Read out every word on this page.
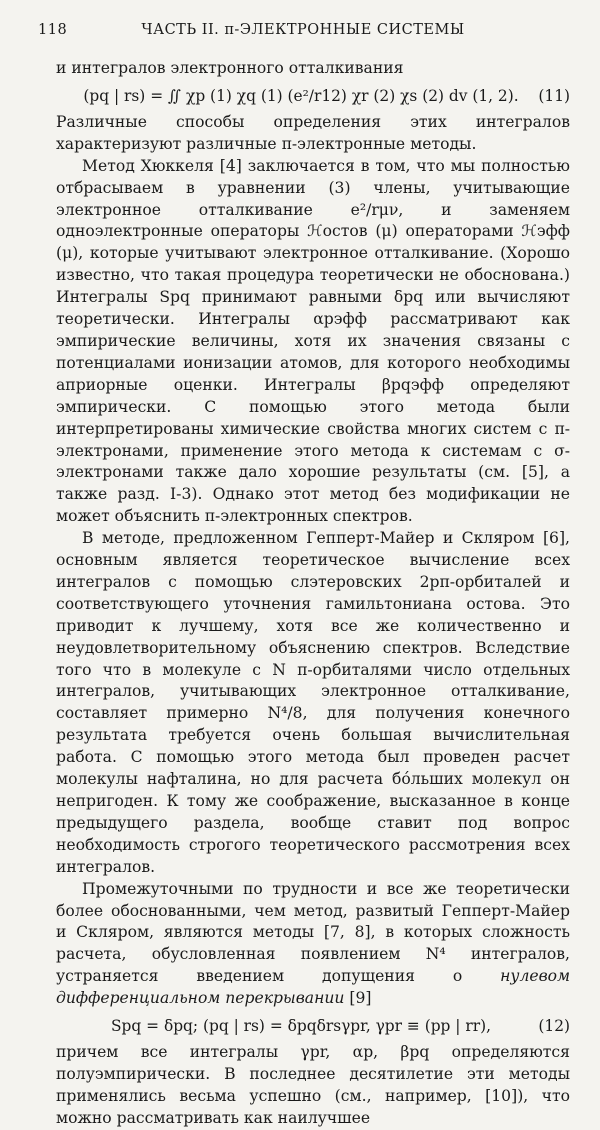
118	ЧАСТЬ II. π-ЭЛЕКТРОННЫЕ СИСТЕМЫ

и интегралов электронного отталкивания

(pq | rs) = ∬ χp (1) χq (1) (e²/r12) χr (2) χs (2) dv (1, 2). (11)

Различные способы определения этих интегралов характеризуют различные π-электронные методы.

Метод Хюккеля [4] заключается в том, что мы полностью отбрасываем в уравнении (3) члены, учитывающие электронное отталкивание e²/rμν, и заменяем одноэлектронные операторы ℋостов (μ) операторами ℋэфф (μ), которые учитывают электронное отталкивание. (Хорошо известно, что такая процедура теоретически не обоснована.) Интегралы Spq принимают равными δpq или вычисляют теоретически. Интегралы αpэфф рассматривают как эмпирические величины, хотя их значения связаны с потенциалами ионизации атомов, для которого необходимы априорные оценки. Интегралы βpqэфф определяют эмпирически. С помощью этого метода были интерпретированы химические свойства многих систем с π-электронами, применение этого метода к системам с σ-электронами также дало хорошие результаты (см. [5], а также разд. I-3). Однако этот метод без модификации не может объяснить π-электронных спектров.

В методе, предложенном Гепперт-Майер и Скляром [6], основным является теоретическое вычисление всех интегралов с помощью слэтеровских 2pπ-орбиталей и соответствующего уточнения гамильтониана остова. Это приводит к лучшему, хотя все же количественно и неудовлетворительному объяснению спектров. Вследствие того что в молекуле с N π-орбиталями число отдельных интегралов, учитывающих электронное отталкивание, составляет примерно N⁴/8, для получения конечного результата требуется очень большая вычислительная работа. С помощью этого метода был проведен расчет молекулы нафталина, но для расчета бóльших молекул он непригоден. К тому же соображение, высказанное в конце предыдущего раздела, вообще ставит под вопрос необходимость строгого теоретического рассмотрения всех интегралов.

Промежуточными по трудности и все же теоретически более обоснованными, чем метод, развитый Гепперт-Майер и Скляром, являются методы [7, 8], в которых сложность расчета, обусловленная появлением N⁴ интегралов, устраняется введением допущения о нулевом дифференциальном перекрывании [9]

Spq = δpq; (pq | rs) = δpqδrsγpr, γpr ≡ (pp | rr),	(12)

причем все интегралы γpr, αp, βpq определяются полуэмпирически. В последнее десятилетие эти методы применялись весьма успешно (см., например, [10]), что можно рассматривать как наилучшее
